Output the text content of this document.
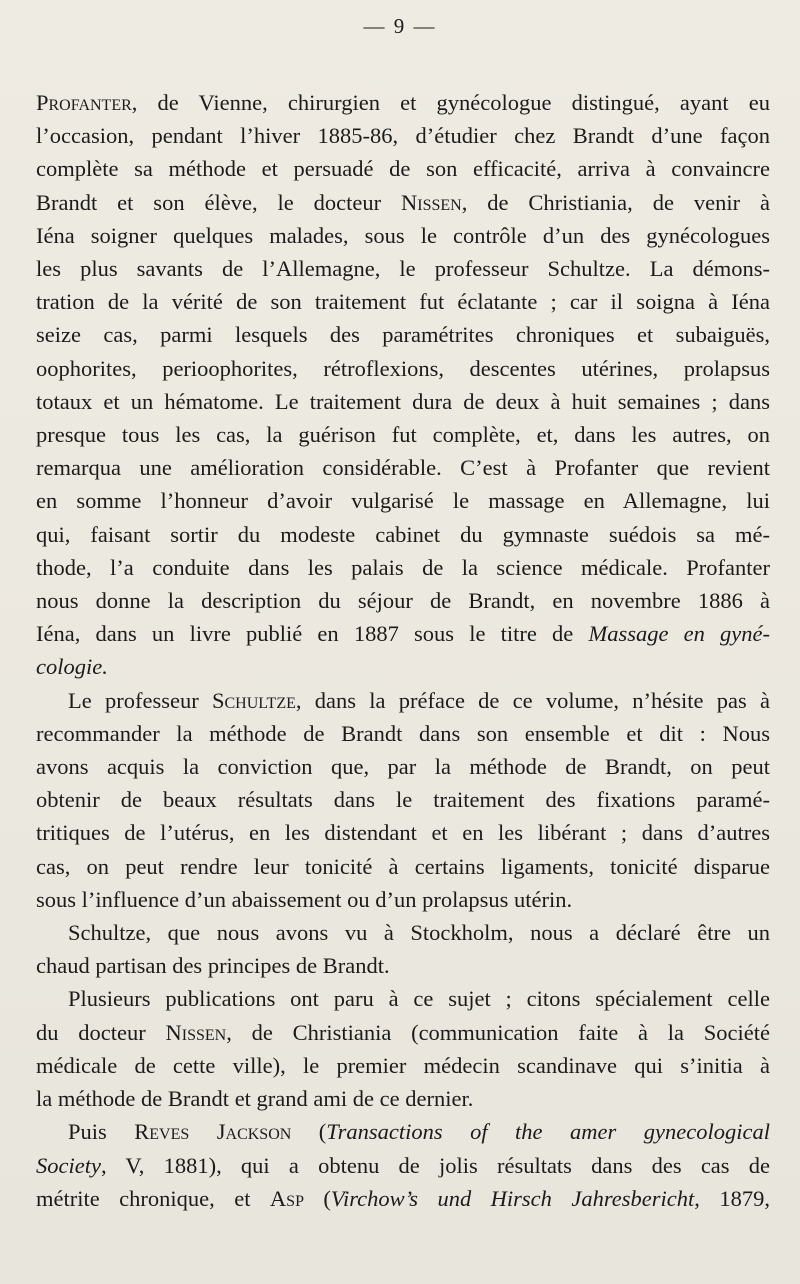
— 9 —
Profanter, de Vienne, chirurgien et gynécologue distingué, ayant eu
l’occasion, pendant l’hiver 1885-86, d’étudier chez Brandt d’une façon
complète sa méthode et persuadé de son efficacité, arriva à convaincre
Brandt et son élève, le docteur Nissen, de Christiania, de venir à
Iéna soigner quelques malades, sous le contrôle d’un des gynécologues
les plus savants de l’Allemagne, le professeur Schultze. La démons-
tration de la vérité de son traitement fut éclatante ; car il soigna à Iéna
seize cas, parmi lesquels des paramétrites chroniques et subaiguës,
oophorites, perioophorites, rétroflexions, descentes utérines, prolapsus
totaux et un hématome. Le traitement dura de deux à huit semaines ; dans
presque tous les cas, la guérison fut complète, et, dans les autres, on
remarqua une amélioration considérable. C’est à Profanter que revient
en somme l’honneur d’avoir vulgarisé le massage en Allemagne, lui
qui, faisant sortir du modeste cabinet du gymnaste suédois sa mé-
thode, l’a conduite dans les palais de la science médicale. Profanter
nous donne la description du séjour de Brandt, en novembre 1886 à
Iéna, dans un livre publié en 1887 sous le titre de Massage en gyné-
cologie.
Le professeur Schultze, dans la préface de ce volume, n’hésite pas à
recommander la méthode de Brandt dans son ensemble et dit : Nous
avons acquis la conviction que, par la méthode de Brandt, on peut
obtenir de beaux résultats dans le traitement des fixations paramé-
tritiques de l’utérus, en les distendant et en les libérant ; dans d’autres
cas, on peut rendre leur tonicité à certains ligaments, tonicité disparue
sous l’influence d’un abaissement ou d’un prolapsus utérin.
Schultze, que nous avons vu à Stockholm, nous a déclaré être un
chaud partisan des principes de Brandt.
Plusieurs publications ont paru à ce sujet ; citons spécialement celle
du docteur Nissen, de Christiania (communication faite à la Société
médicale de cette ville), le premier médecin scandinave qui s’initia à
la méthode de Brandt et grand ami de ce dernier.
Puis Reves Jackson (Transactions of the amer gynecological
Society, V, 1881), qui a obtenu de jolis résultats dans des cas de
métrite chronique, et Asp (Virchow’s und Hirsch Jahresbericht, 1879,
